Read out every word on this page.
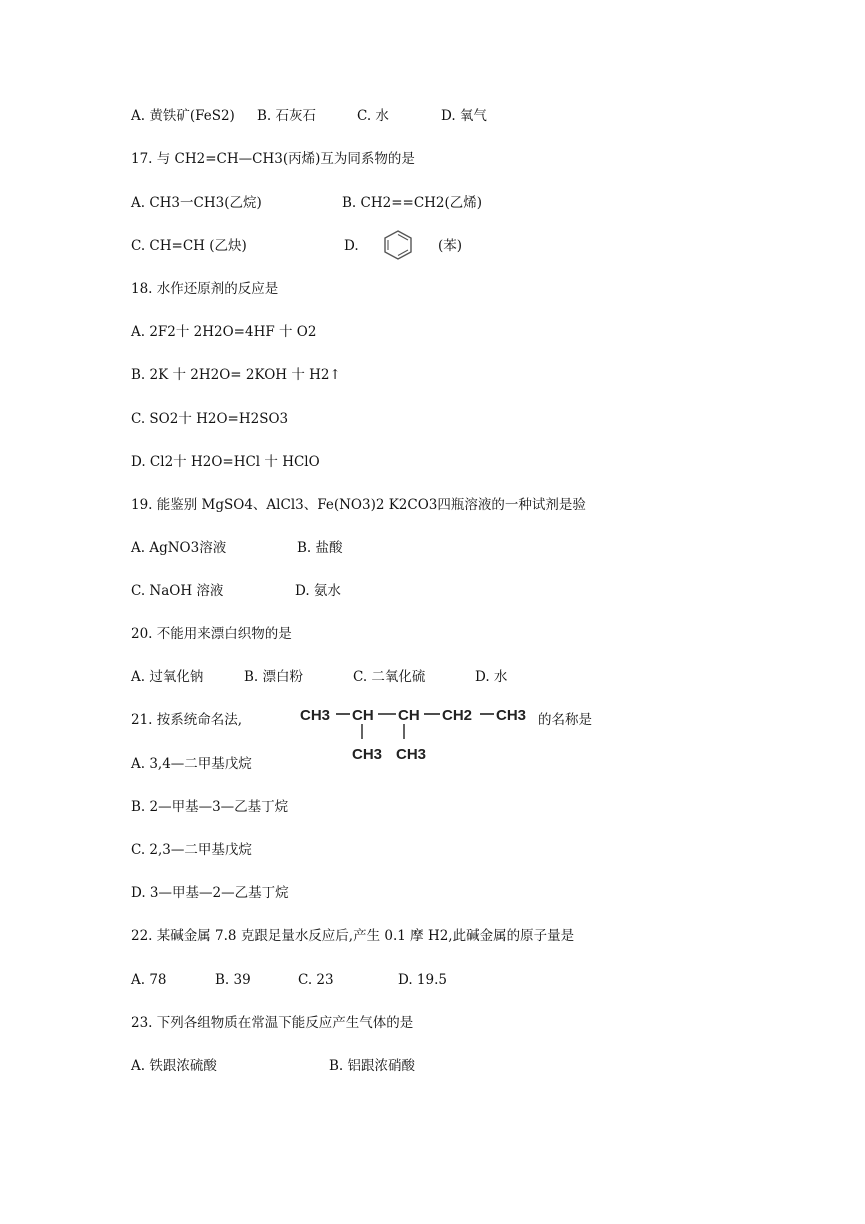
A. 黄铁矿(FeS2) B. 石灰石	C. 水	D. 氧气
17. 与 CH2=CH—CH3(丙烯)互为同系物的是
A. CH3一CH3(乙烷)	B. CH2==CH2(乙烯)
C. CH=CH (乙炔)	D.	(苯)
18. 水作还原剂的反应是
A. 2F2十 2H2O=4HF 十 O2
B. 2K 十 2H2O= 2KOH 十 H2↑
C. SO2十 H2O=H2SO3
D. Cl2十 H2O=HCl 十 HClO
19. 能鉴别 MgSO4、AlCl3、Fe(NO3)2 K2CO3四瓶溶液的一种试剂是验
A. AgNO3溶液	B. 盐酸
C. NaOH 溶液	D. 氨水
20. 不能用来漂白织物的是
A. 过氧化钠	B. 漂白粉	C. 二氧化硫	D. 水
21. 按系统命名法,	CH3 CH CH CH2 CH3
CH3 CH3
的名称是
A. 3,4—二甲基戊烷
B. 2—甲基—3—乙基丁烷
C. 2,3—二甲基戊烷
D. 3—甲基—2—乙基丁烷
22. 某碱金属 7.8 克跟足量水反应后,产生 0.1 摩 H2,此碱金属的原子量是
A. 78	B. 39	C. 23	D. 19.5
23. 下列各组物质在常温下能反应产生气体的是
A. 铁跟浓硫酸	B. 铝跟浓硝酸
